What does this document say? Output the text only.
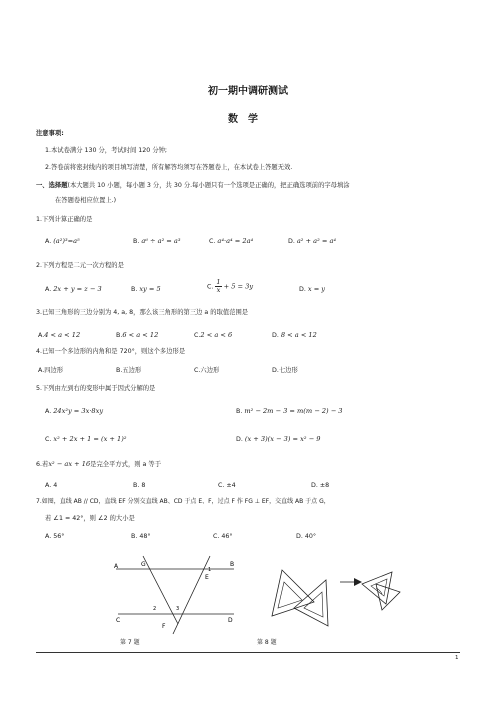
初一期中调研测试
数学
注意事项:
1.本试卷满分 130 分，考试时间 120 分钟;
2.答卷前将密封线内的项目填写清楚，所有解答均须写在答题卷上，在本试卷上答题无效.
一、选择题(本大题共 10 小题，每小题 3 分，共 30 分.每小题只有一个选项是正确的，把正确选项前的字母填涂
在答题卷相应位置上.)
1.下列计算正确的是
A. (a²)³=a⁵	B. a⁶ ÷ a² = a³	C. a⁴·a⁴ = 2a⁴	D. a² + a² = a⁴
2.下列方程是二元一次方程的是
A. 2x + y = z − 3	B. xy = 5	C. $\frac{1}{x} + 5 = 3y$	D. x = y
3.已知三角形的三边分别为 4, a, 8，那么该三角形的第三边 a 的取值范围是
A.4 < a < 12	B.6 < a < 12	C.2 < a < 6	D. 8 < a < 12
4.已知一个多边形的内角和是 720°，则这个多边形是
A.四边形	B.五边形	C.六边形	D.七边形
5.下列由左到右的变形中属于因式分解的是
A. 24x²y = 3x·8xy	B. m² − 2m − 3 = m(m − 2) − 3
C. x² + 2x + 1 = (x + 1)²	D. (x + 3)(x − 3) = x² − 9
6.若x² − ax + 16是完全平方式，则 a 等于
A. 4	B. 8	C. ±4	D. ±8
7.如图，直线 AB // CD，直线 EF 分别交直线 AB、CD 于点 E、F，过点 F 作 FG ⊥ EF，交直线 AB 于点 G，
若 ∠1 = 42°，则 ∠2 的大小是
A. 56°	B. 48°	C. 46°	D. 40°
A	B
C	D
G
E
F
1
2	3
第 7 题	第 8 题
1
